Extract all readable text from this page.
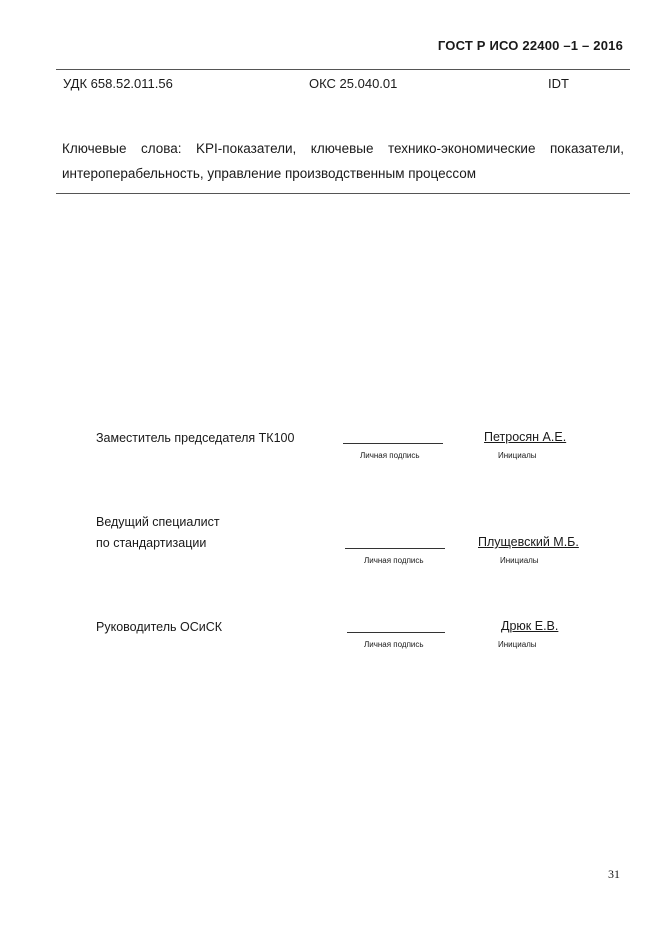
ГОСТ Р ИСО 22400 –1 – 2016
УДК 658.52.011.56	ОКС 25.040.01	IDT
Ключевые слова: KPI-показатели, ключевые технико-экономические показатели,
интероперабельность, управление производственным процессом
Заместитель председателя ТК100
Личная подпись
Петросян А.Е.
Инициалы
Ведущий специалист
по стандартизации
Личная подпись
Плущевский М.Б.
Инициалы
Руководитель ОСиСК
Личная подпись
Дрюк Е.В.
Инициалы
31
